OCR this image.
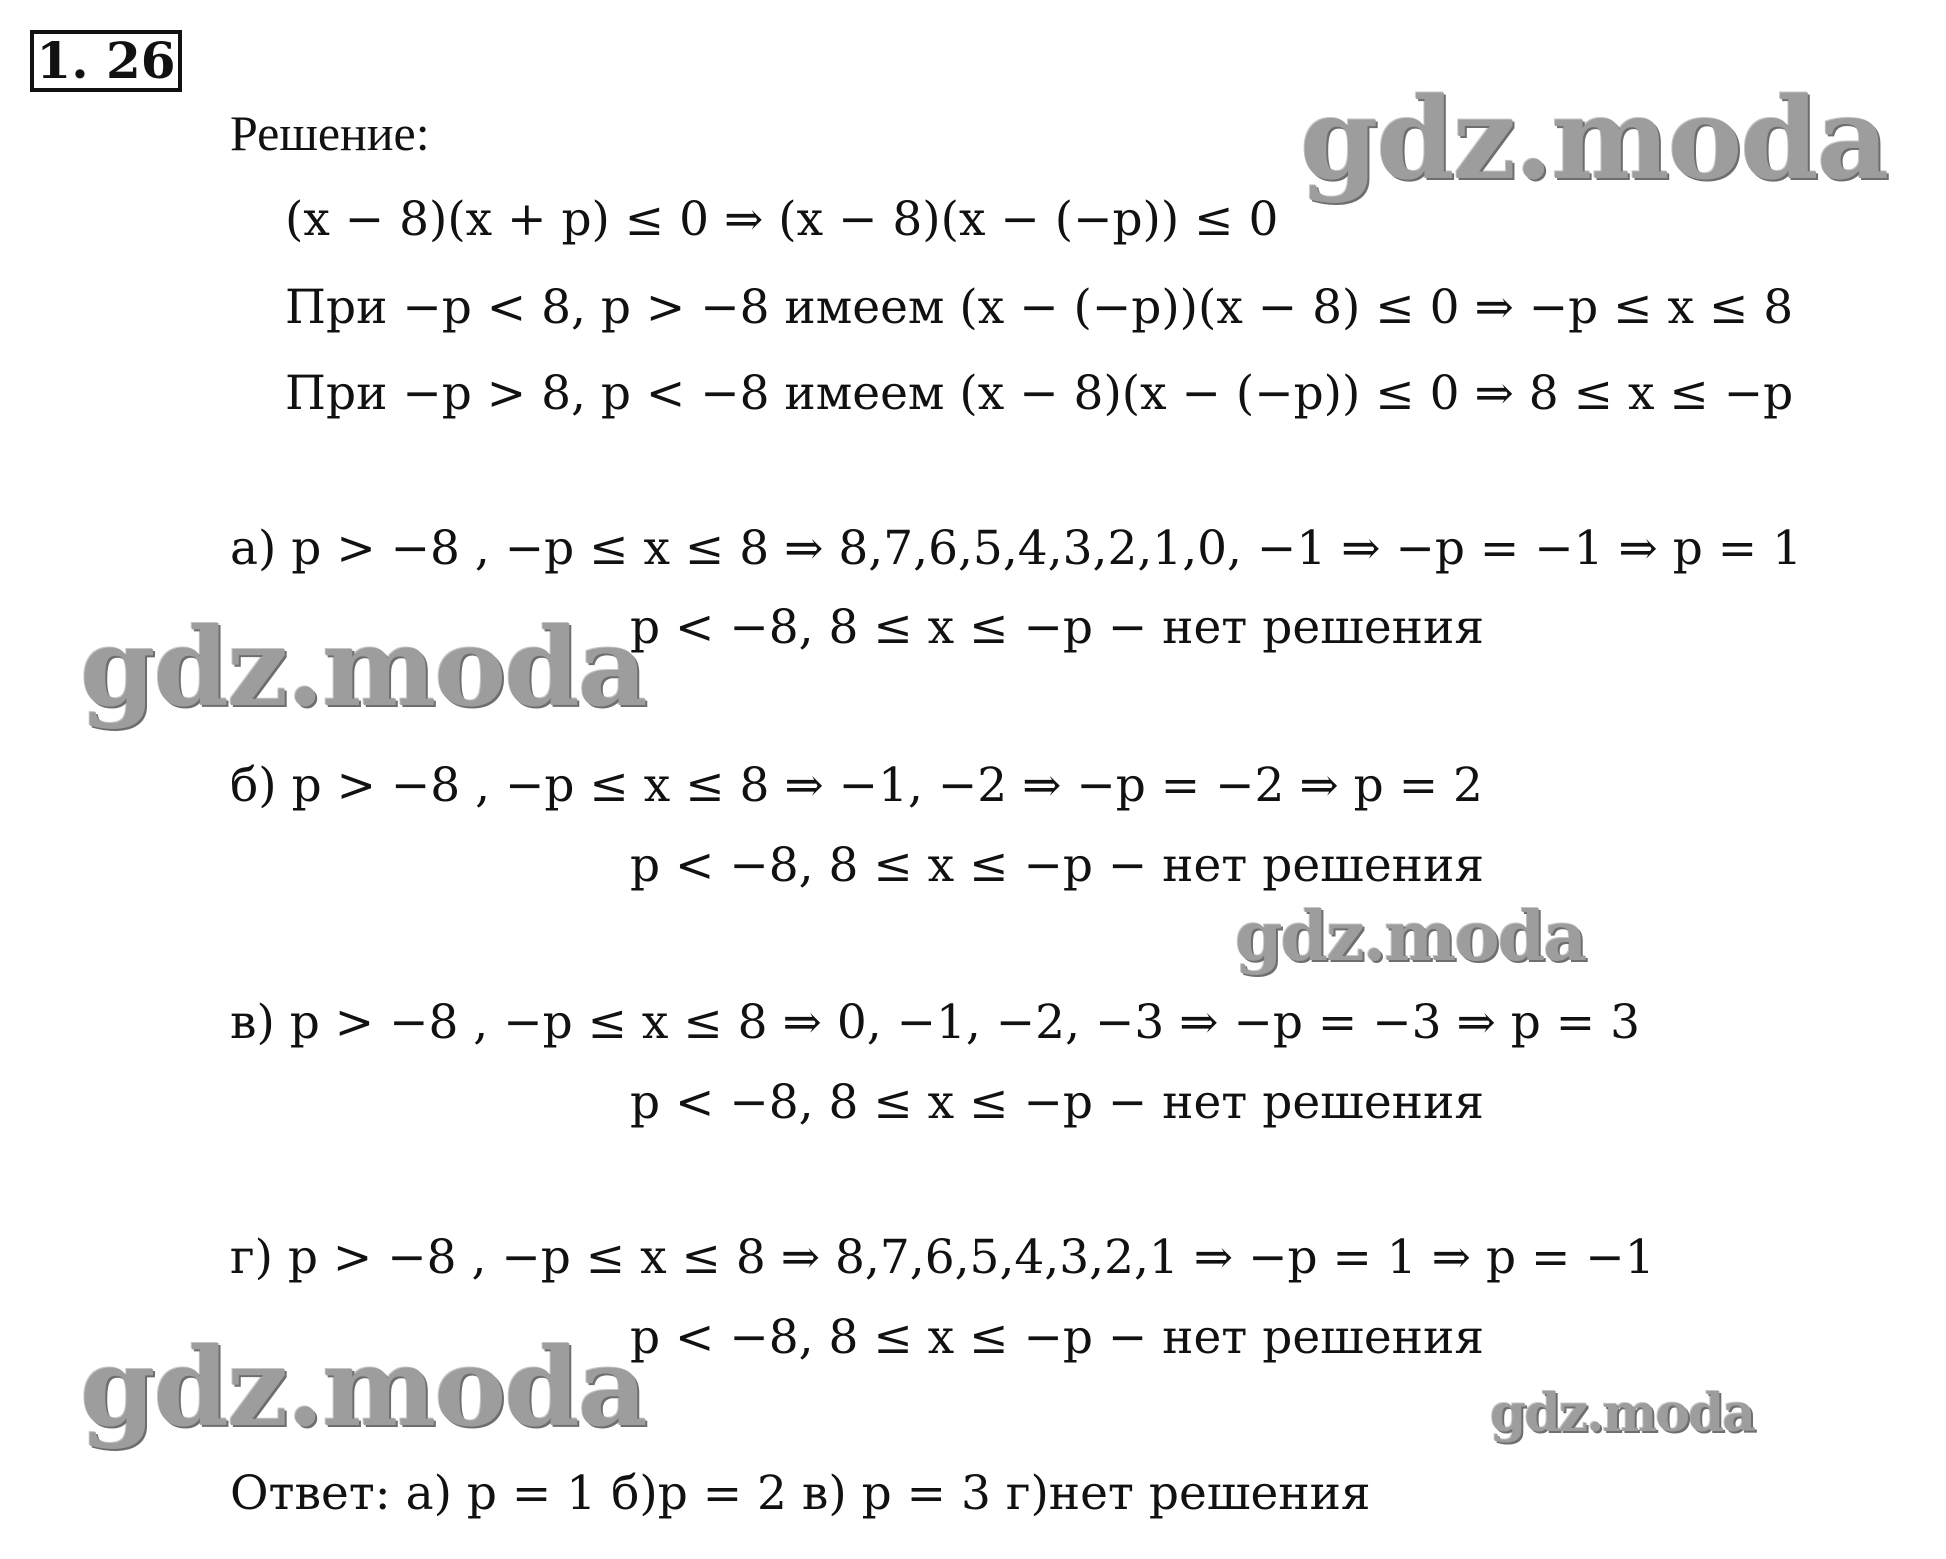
1. 26
Решение:
(x − 8)(x + p) ≤ 0 ⇒ (x − 8)(x − (−p)) ≤ 0
При −p < 8, p > −8 имеем (x − (−p))(x − 8) ≤ 0 ⇒ −p ≤ x ≤ 8
При −p > 8, p < −8 имеем (x − 8)(x − (−p)) ≤ 0 ⇒ 8 ≤ x ≤ −p
а) p > −8 , −p ≤ x ≤ 8 ⇒ 8,7,6,5,4,3,2,1,0, −1 ⇒ −p = −1 ⇒ p = 1
p < −8, 8 ≤ x ≤ −p − нет решения
б) p > −8 , −p ≤ x ≤ 8 ⇒ −1, −2 ⇒ −p = −2 ⇒ p = 2
p < −8, 8 ≤ x ≤ −p − нет решения
в) p > −8 , −p ≤ x ≤ 8 ⇒ 0, −1, −2, −3 ⇒ −p = −3 ⇒ p = 3
p < −8, 8 ≤ x ≤ −p − нет решения
г) p > −8 , −p ≤ x ≤ 8 ⇒ 8,7,6,5,4,3,2,1 ⇒ −p = 1 ⇒ p = −1
p < −8, 8 ≤ x ≤ −p − нет решения
Ответ: а) p = 1 б)p = 2 в) p = 3 г)нет решения
gdz.moda
gdz.moda
gdz.moda
gdz.moda	gdz.moda
